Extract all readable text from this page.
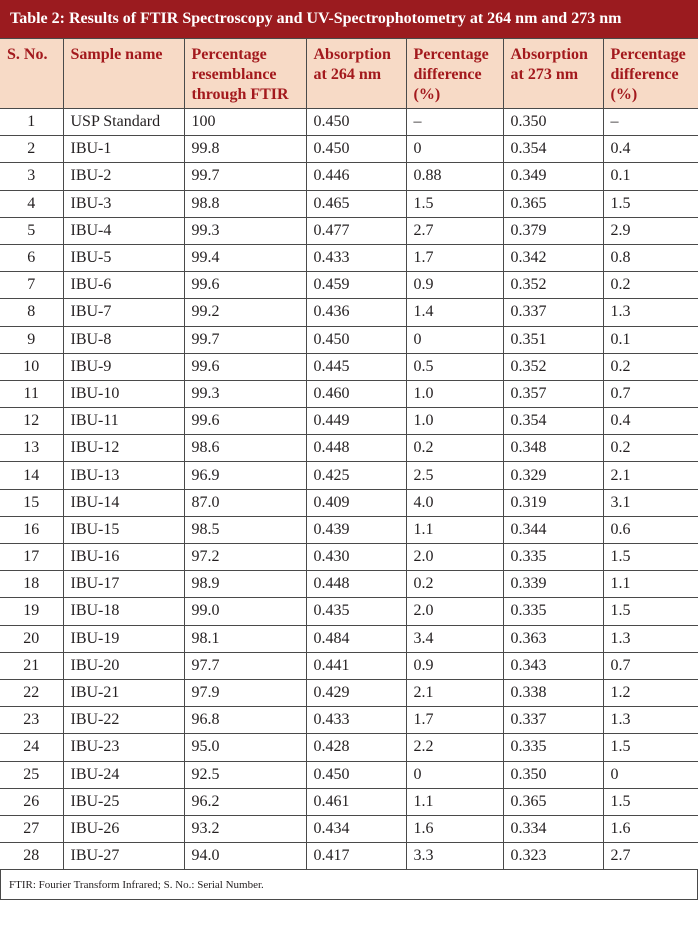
Table 2: Results of FTIR Spectroscopy and UV-Spectrophotometry at 264 nm and 273 nm
S. No.	Sample name	Percentage resemblance through FTIR	Absorption at 264 nm	Percentage difference (%)	Absorption at 273 nm	Percentage difference (%)
1	USP Standard	100	0.450	–	0.350	–
2	IBU-1	99.8	0.450	0	0.354	0.4
3	IBU-2	99.7	0.446	0.88	0.349	0.1
4	IBU-3	98.8	0.465	1.5	0.365	1.5
5	IBU-4	99.3	0.477	2.7	0.379	2.9
6	IBU-5	99.4	0.433	1.7	0.342	0.8
7	IBU-6	99.6	0.459	0.9	0.352	0.2
8	IBU-7	99.2	0.436	1.4	0.337	1.3
9	IBU-8	99.7	0.450	0	0.351	0.1
10	IBU-9	99.6	0.445	0.5	0.352	0.2
11	IBU-10	99.3	0.460	1.0	0.357	0.7
12	IBU-11	99.6	0.449	1.0	0.354	0.4
13	IBU-12	98.6	0.448	0.2	0.348	0.2
14	IBU-13	96.9	0.425	2.5	0.329	2.1
15	IBU-14	87.0	0.409	4.0	0.319	3.1
16	IBU-15	98.5	0.439	1.1	0.344	0.6
17	IBU-16	97.2	0.430	2.0	0.335	1.5
18	IBU-17	98.9	0.448	0.2	0.339	1.1
19	IBU-18	99.0	0.435	2.0	0.335	1.5
20	IBU-19	98.1	0.484	3.4	0.363	1.3
21	IBU-20	97.7	0.441	0.9	0.343	0.7
22	IBU-21	97.9	0.429	2.1	0.338	1.2
23	IBU-22	96.8	0.433	1.7	0.337	1.3
24	IBU-23	95.0	0.428	2.2	0.335	1.5
25	IBU-24	92.5	0.450	0	0.350	0
26	IBU-25	96.2	0.461	1.1	0.365	1.5
27	IBU-26	93.2	0.434	1.6	0.334	1.6
28	IBU-27	94.0	0.417	3.3	0.323	2.7
FTIR: Fourier Transform Infrared; S. No.: Serial Number.
